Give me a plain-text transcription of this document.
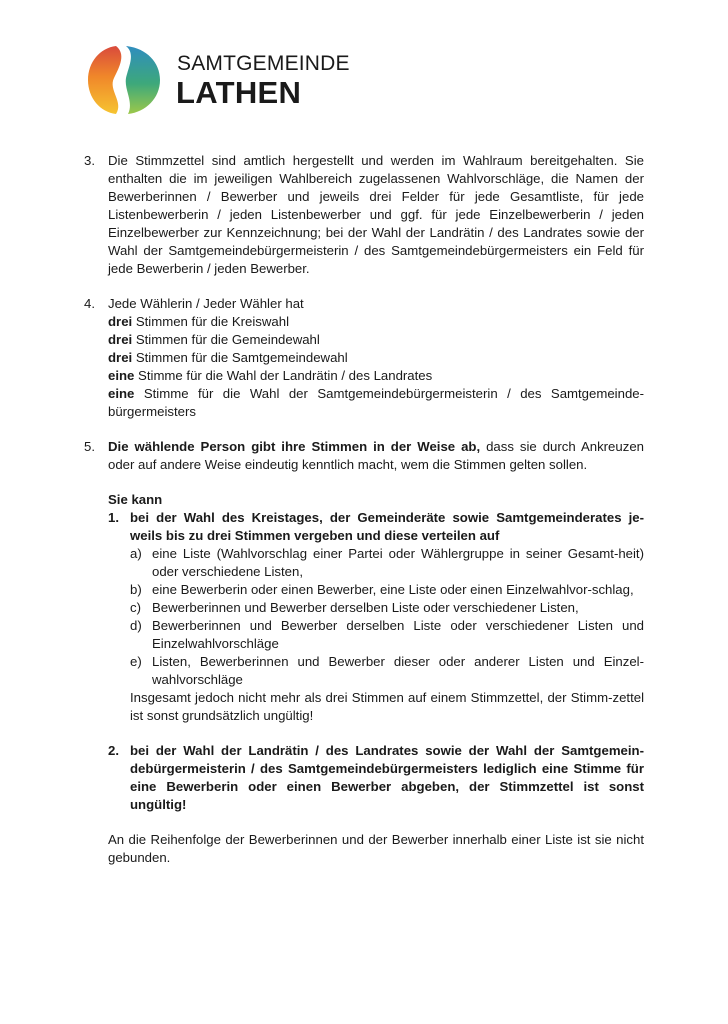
SAMTGEMEINDE
LATHEN
3. Die Stimmzettel sind amtlich hergestellt und werden im Wahlraum bereitgehalten. Sie enthalten die im jeweiligen Wahlbereich zugelassenen Wahlvorschläge, die Namen der Bewerberinnen / Bewerber und jeweils drei Felder für jede Gesamtliste, für jede Listenbewerberin / jeden Listenbewerber und ggf. für jede Einzelbewerberin / jeden Einzelbewerber zur Kennzeichnung; bei der Wahl der Landrätin / des Landrates sowie der Wahl der Samtgemeindebürgermeisterin / des Samtgemeindebürgermeisters ein Feld für jede Bewerberin / jeden Bewerber.
4. Jede Wählerin / Jeder Wähler hat
drei Stimmen für die Kreiswahl
drei Stimmen für die Gemeindewahl
drei Stimmen für die Samtgemeindewahl
eine Stimme für die Wahl der Landrätin / des Landrates
eine Stimme für die Wahl der Samtgemeindebürgermeisterin / des Samtgemeinde-bürgermeisters
5. Die wählende Person gibt ihre Stimmen in der Weise ab, dass sie durch Ankreuzen oder auf andere Weise eindeutig kenntlich macht, wem die Stimmen gelten sollen.
Sie kann
1. bei der Wahl des Kreistages, der Gemeinderäte sowie Samtgemeinderates je-weils bis zu drei Stimmen vergeben und diese verteilen auf
a) eine Liste (Wahlvorschlag einer Partei oder Wählergruppe in seiner Gesamt-heit) oder verschiedene Listen,
b) eine Bewerberin oder einen Bewerber, eine Liste oder einen Einzelwahlvor-schlag,
c) Bewerberinnen und Bewerber derselben Liste oder verschiedener Listen,
d) Bewerberinnen und Bewerber derselben Liste oder verschiedener Listen und Einzelwahlvorschläge
e) Listen, Bewerberinnen und Bewerber dieser oder anderer Listen und Einzel-wahlvorschläge
Insgesamt jedoch nicht mehr als drei Stimmen auf einem Stimmzettel, der Stimm-zettel ist sonst grundsätzlich ungültig!
2. bei der Wahl der Landrätin / des Landrates sowie der Wahl der Samtgemein-debürgermeisterin / des Samtgemeindebürgermeisters lediglich eine Stimme für eine Bewerberin oder einen Bewerber abgeben, der Stimmzettel ist sonst ungültig!
An die Reihenfolge der Bewerberinnen und der Bewerber innerhalb einer Liste ist sie nicht gebunden.
